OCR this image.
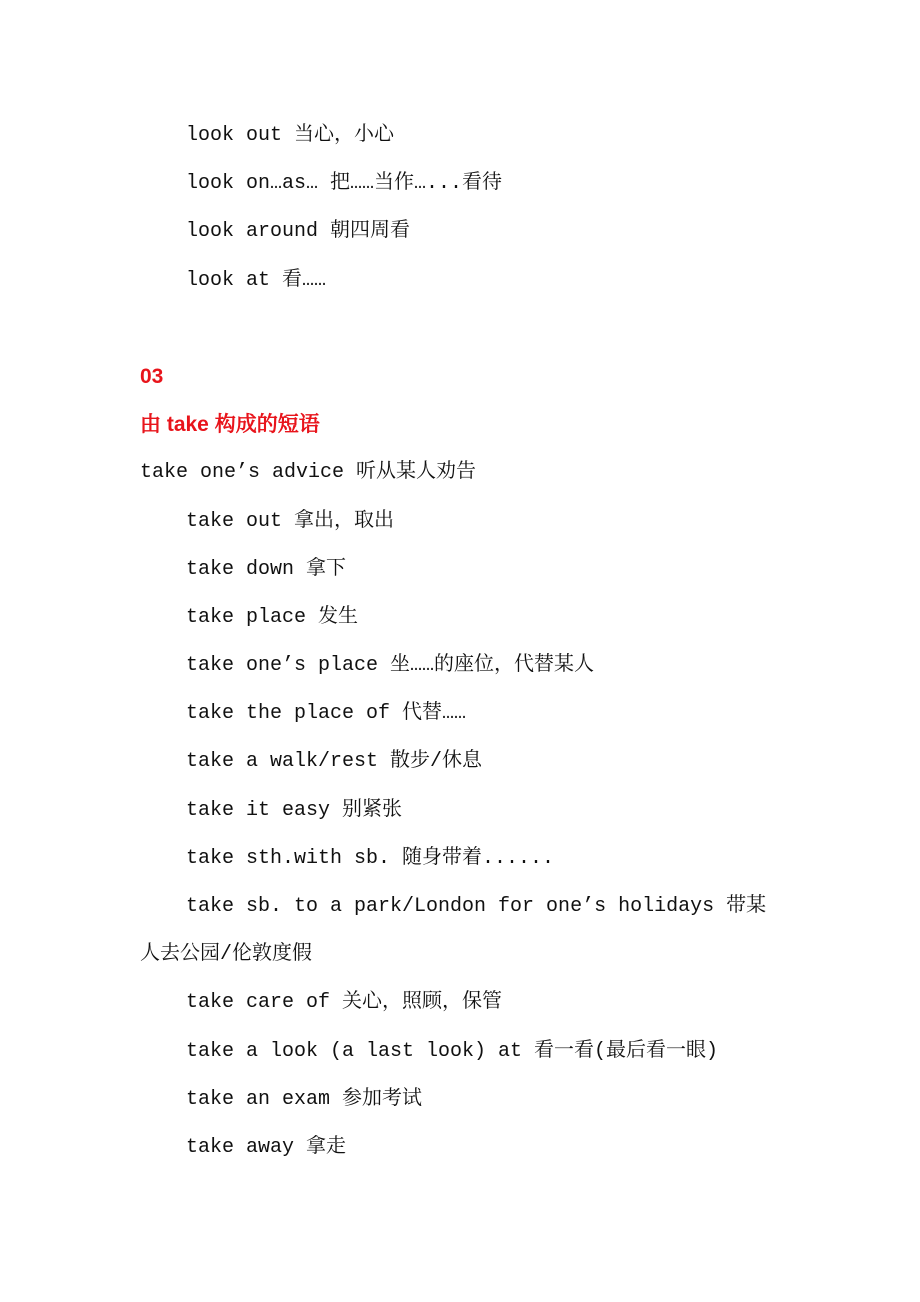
look out 当心，小心
look on…as… 把……当作…...看待
look around 朝四周看
look at 看……
03
由 take 构成的短语
take one’s advice 听从某人劝告
take out 拿出，取出
take down 拿下
take place 发生
take one’s place 坐……的座位，代替某人
take the place of 代替……
take a walk/rest 散步/休息
take it easy 别紧张
take sth.with sb. 随身带着......
take sb. to a park/London for one’s holidays 带某
人去公园/伦敦度假
take care of 关心，照顾，保管
take a look (a last look) at 看一看(最后看一眼)
take an exam 参加考试
take away 拿走
